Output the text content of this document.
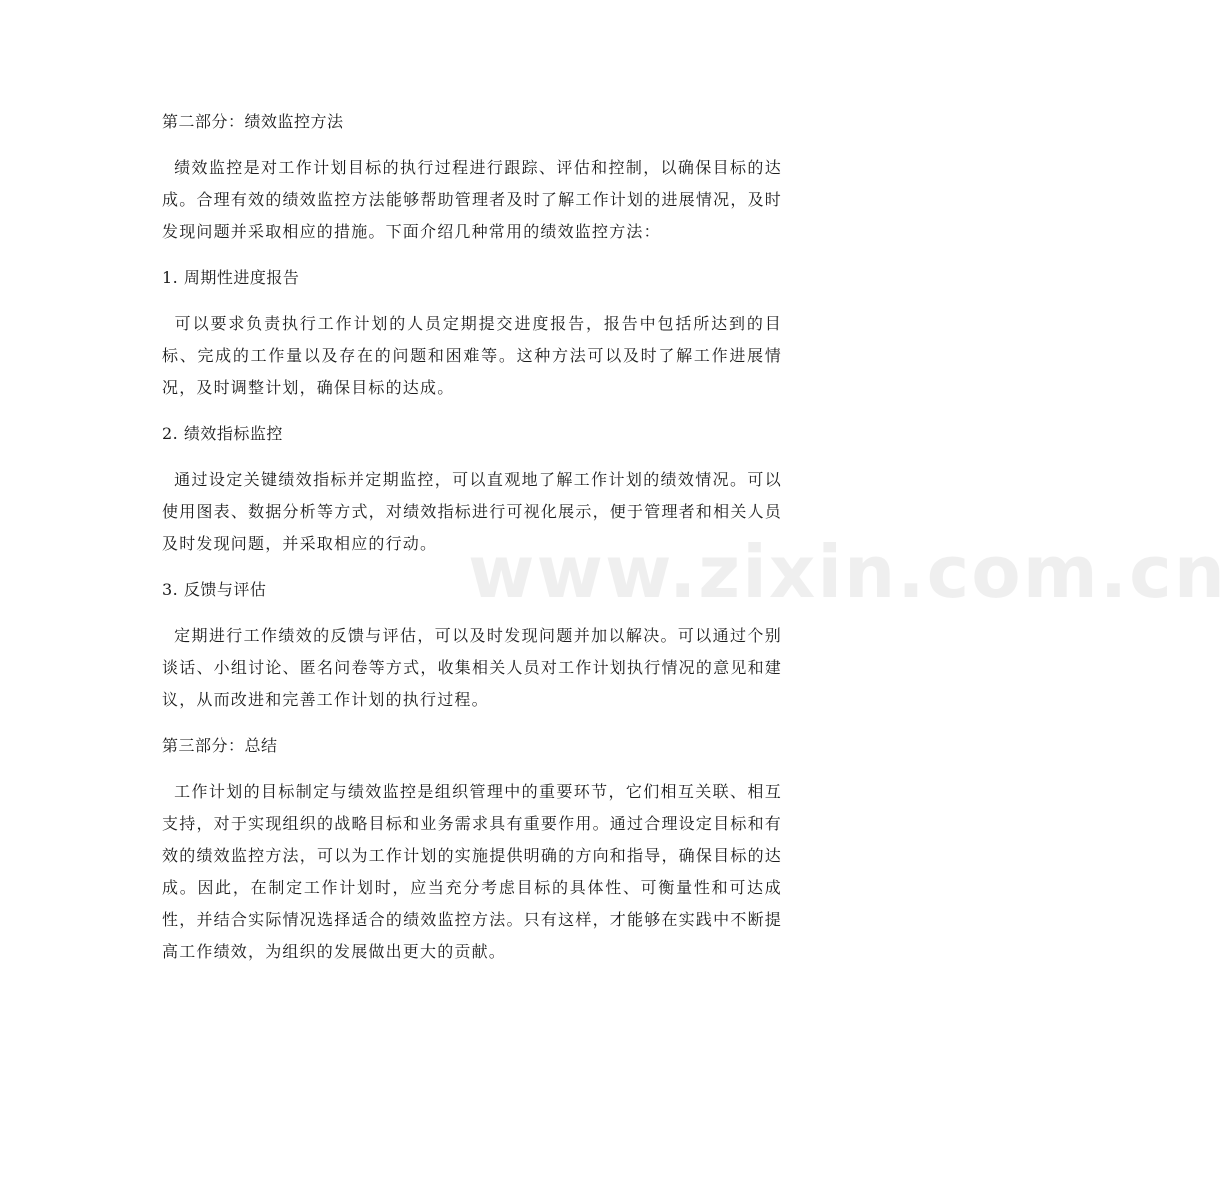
www.zixin.com.cn

第二部分：绩效监控方法

绩效监控是对工作计划目标的执行过程进行跟踪、评估和控制，以确保目标的达成。合理有效的绩效监控方法能够帮助管理者及时了解工作计划的进展情况，及时发现问题并采取相应的措施。下面介绍几种常用的绩效监控方法：

1. 周期性进度报告

可以要求负责执行工作计划的人员定期提交进度报告，报告中包括所达到的目标、完成的工作量以及存在的问题和困难等。这种方法可以及时了解工作进展情况，及时调整计划，确保目标的达成。

2. 绩效指标监控

通过设定关键绩效指标并定期监控，可以直观地了解工作计划的绩效情况。可以使用图表、数据分析等方式，对绩效指标进行可视化展示，便于管理者和相关人员及时发现问题，并采取相应的行动。

3. 反馈与评估

定期进行工作绩效的反馈与评估，可以及时发现问题并加以解决。可以通过个别谈话、小组讨论、匿名问卷等方式，收集相关人员对工作计划执行情况的意见和建议，从而改进和完善工作计划的执行过程。

第三部分：总结

工作计划的目标制定与绩效监控是组织管理中的重要环节，它们相互关联、相互支持，对于实现组织的战略目标和业务需求具有重要作用。通过合理设定目标和有效的绩效监控方法，可以为工作计划的实施提供明确的方向和指导，确保目标的达成。因此，在制定工作计划时，应当充分考虑目标的具体性、可衡量性和可达成性，并结合实际情况选择适合的绩效监控方法。只有这样，才能够在实践中不断提高工作绩效，为组织的发展做出更大的贡献。
